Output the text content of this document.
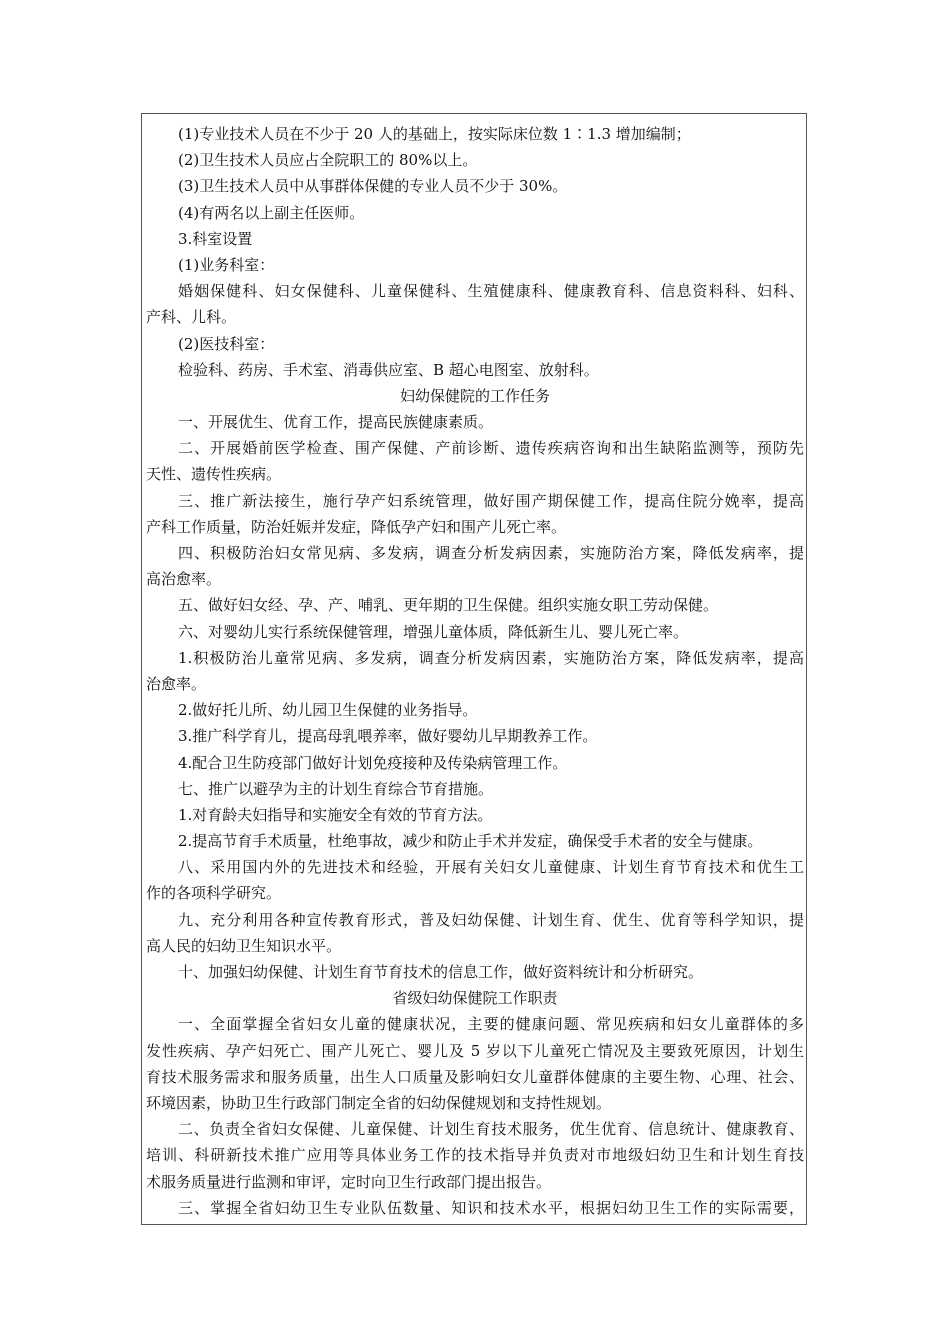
(1)专业技术人员在不少于 20 人的基础上，按实际床位数 1∶1.3 增加编制；
(2)卫生技术人员应占全院职工的 80%以上。
(3)卫生技术人员中从事群体保健的专业人员不少于 30%。
(4)有两名以上副主任医师。
3.科室设置
(1)业务科室：
婚姻保健科、妇女保健科、儿童保健科、生殖健康科、健康教育科、信息资料科、妇科、
产科、儿科。
(2)医技科室：
检验科、药房、手术室、消毒供应室、B 超心电图室、放射科。
妇幼保健院的工作任务
一、开展优生、优育工作，提高民族健康素质。
二、开展婚前医学检查、围产保健、产前诊断、遗传疾病咨询和出生缺陷监测等，预防先
天性、遗传性疾病。
三、推广新法接生，施行孕产妇系统管理，做好围产期保健工作，提高住院分娩率，提高
产科工作质量，防治妊娠并发症，降低孕产妇和围产儿死亡率。
四、积极防治妇女常见病、多发病，调查分析发病因素，实施防治方案，降低发病率，提
高治愈率。
五、做好妇女经、孕、产、哺乳、更年期的卫生保健。组织实施女职工劳动保健。
六、对婴幼儿实行系统保健管理，增强儿童体质，降低新生儿、婴儿死亡率。
1.积极防治儿童常见病、多发病，调查分析发病因素，实施防治方案，降低发病率，提高
治愈率。
2.做好托儿所、幼儿园卫生保健的业务指导。
3.推广科学育儿，提高母乳喂养率，做好婴幼儿早期教养工作。
4.配合卫生防疫部门做好计划免疫接种及传染病管理工作。
七、推广以避孕为主的计划生育综合节育措施。
1.对育龄夫妇指导和实施安全有效的节育方法。
2.提高节育手术质量，杜绝事故，减少和防止手术并发症，确保受手术者的安全与健康。
八、采用国内外的先进技术和经验，开展有关妇女儿童健康、计划生育节育技术和优生工
作的各项科学研究。
九、充分利用各种宣传教育形式，普及妇幼保健、计划生育、优生、优育等科学知识，提
高人民的妇幼卫生知识水平。
十、加强妇幼保健、计划生育节育技术的信息工作，做好资料统计和分析研究。
省级妇幼保健院工作职责
一、全面掌握全省妇女儿童的健康状况，主要的健康问题、常见疾病和妇女儿童群体的多
发性疾病、孕产妇死亡、围产儿死亡、婴儿及 5 岁以下儿童死亡情况及主要致死原因，计划生
育技术服务需求和服务质量，出生人口质量及影响妇女儿童群体健康的主要生物、心理、社会、
环境因素，协助卫生行政部门制定全省的妇幼保健规划和支持性规划。
二、负责全省妇女保健、儿童保健、计划生育技术服务，优生优育、信息统计、健康教育、
培训、科研新技术推广应用等具体业务工作的技术指导并负责对市地级妇幼卫生和计划生育技
术服务质量进行监测和审评，定时向卫生行政部门提出报告。
三、掌握全省妇幼卫生专业队伍数量、知识和技术水平，根据妇幼卫生工作的实际需要，
